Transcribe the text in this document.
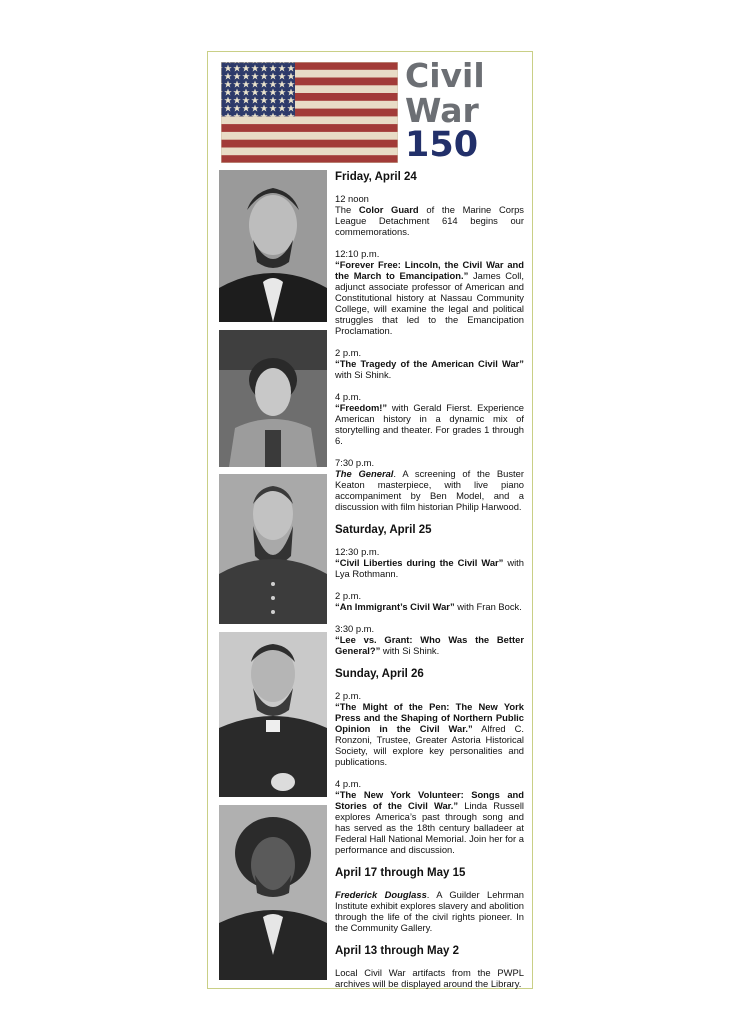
Civil
War
150
Friday, April 24
12 noon
The Color Guard of the Marine Corps League Detachment 614 begins our commemorations.
12:10 p.m.
“Forever Free: Lincoln, the Civil War and the March to Emancipation.” James Coll, adjunct associate professor of American and Constitutional history at Nassau Community College, will examine the legal and political struggles that led to the Emancipation Proclamation.
2 p.m.
“The Tragedy of the American Civil War” with Si Shink.
4 p.m.
“Freedom!” with Gerald Fierst. Experience American history in a dynamic mix of storytelling and theater. For grades 1 through 6.
7:30 p.m.
The General. A screening of the Buster Keaton masterpiece, with live piano accompaniment by Ben Model, and a discussion with film historian Philip Harwood.
Saturday, April 25
12:30 p.m.
“Civil Liberties during the Civil War” with Lya Rothmann.
2 p.m.
“An Immigrant’s Civil War” with Fran Bock.
3:30 p.m.
“Lee vs. Grant: Who Was the Better General?” with Si Shink.
Sunday, April 26
2 p.m.
“The Might of the Pen: The New York Press and the Shaping of Northern Public Opinion in the Civil War.” Alfred C. Ronzoni, Trustee, Greater Astoria Historical Society, will explore key personalities and publications.
4 p.m.
“The New York Volunteer: Songs and Stories of the Civil War.” Linda Russell explores America’s past through song and has served as the 18th century balladeer at Federal Hall National Memorial. Join her for a performance and discussion.
April 17 through May 15
Frederick Douglass. A Guilder Lehrman Institute exhibit explores slavery and abolition through the life of the civil rights pioneer. In the Community Gallery.
April 13 through May 2
Local Civil War artifacts from the PWPL archives will be displayed around the Library.
